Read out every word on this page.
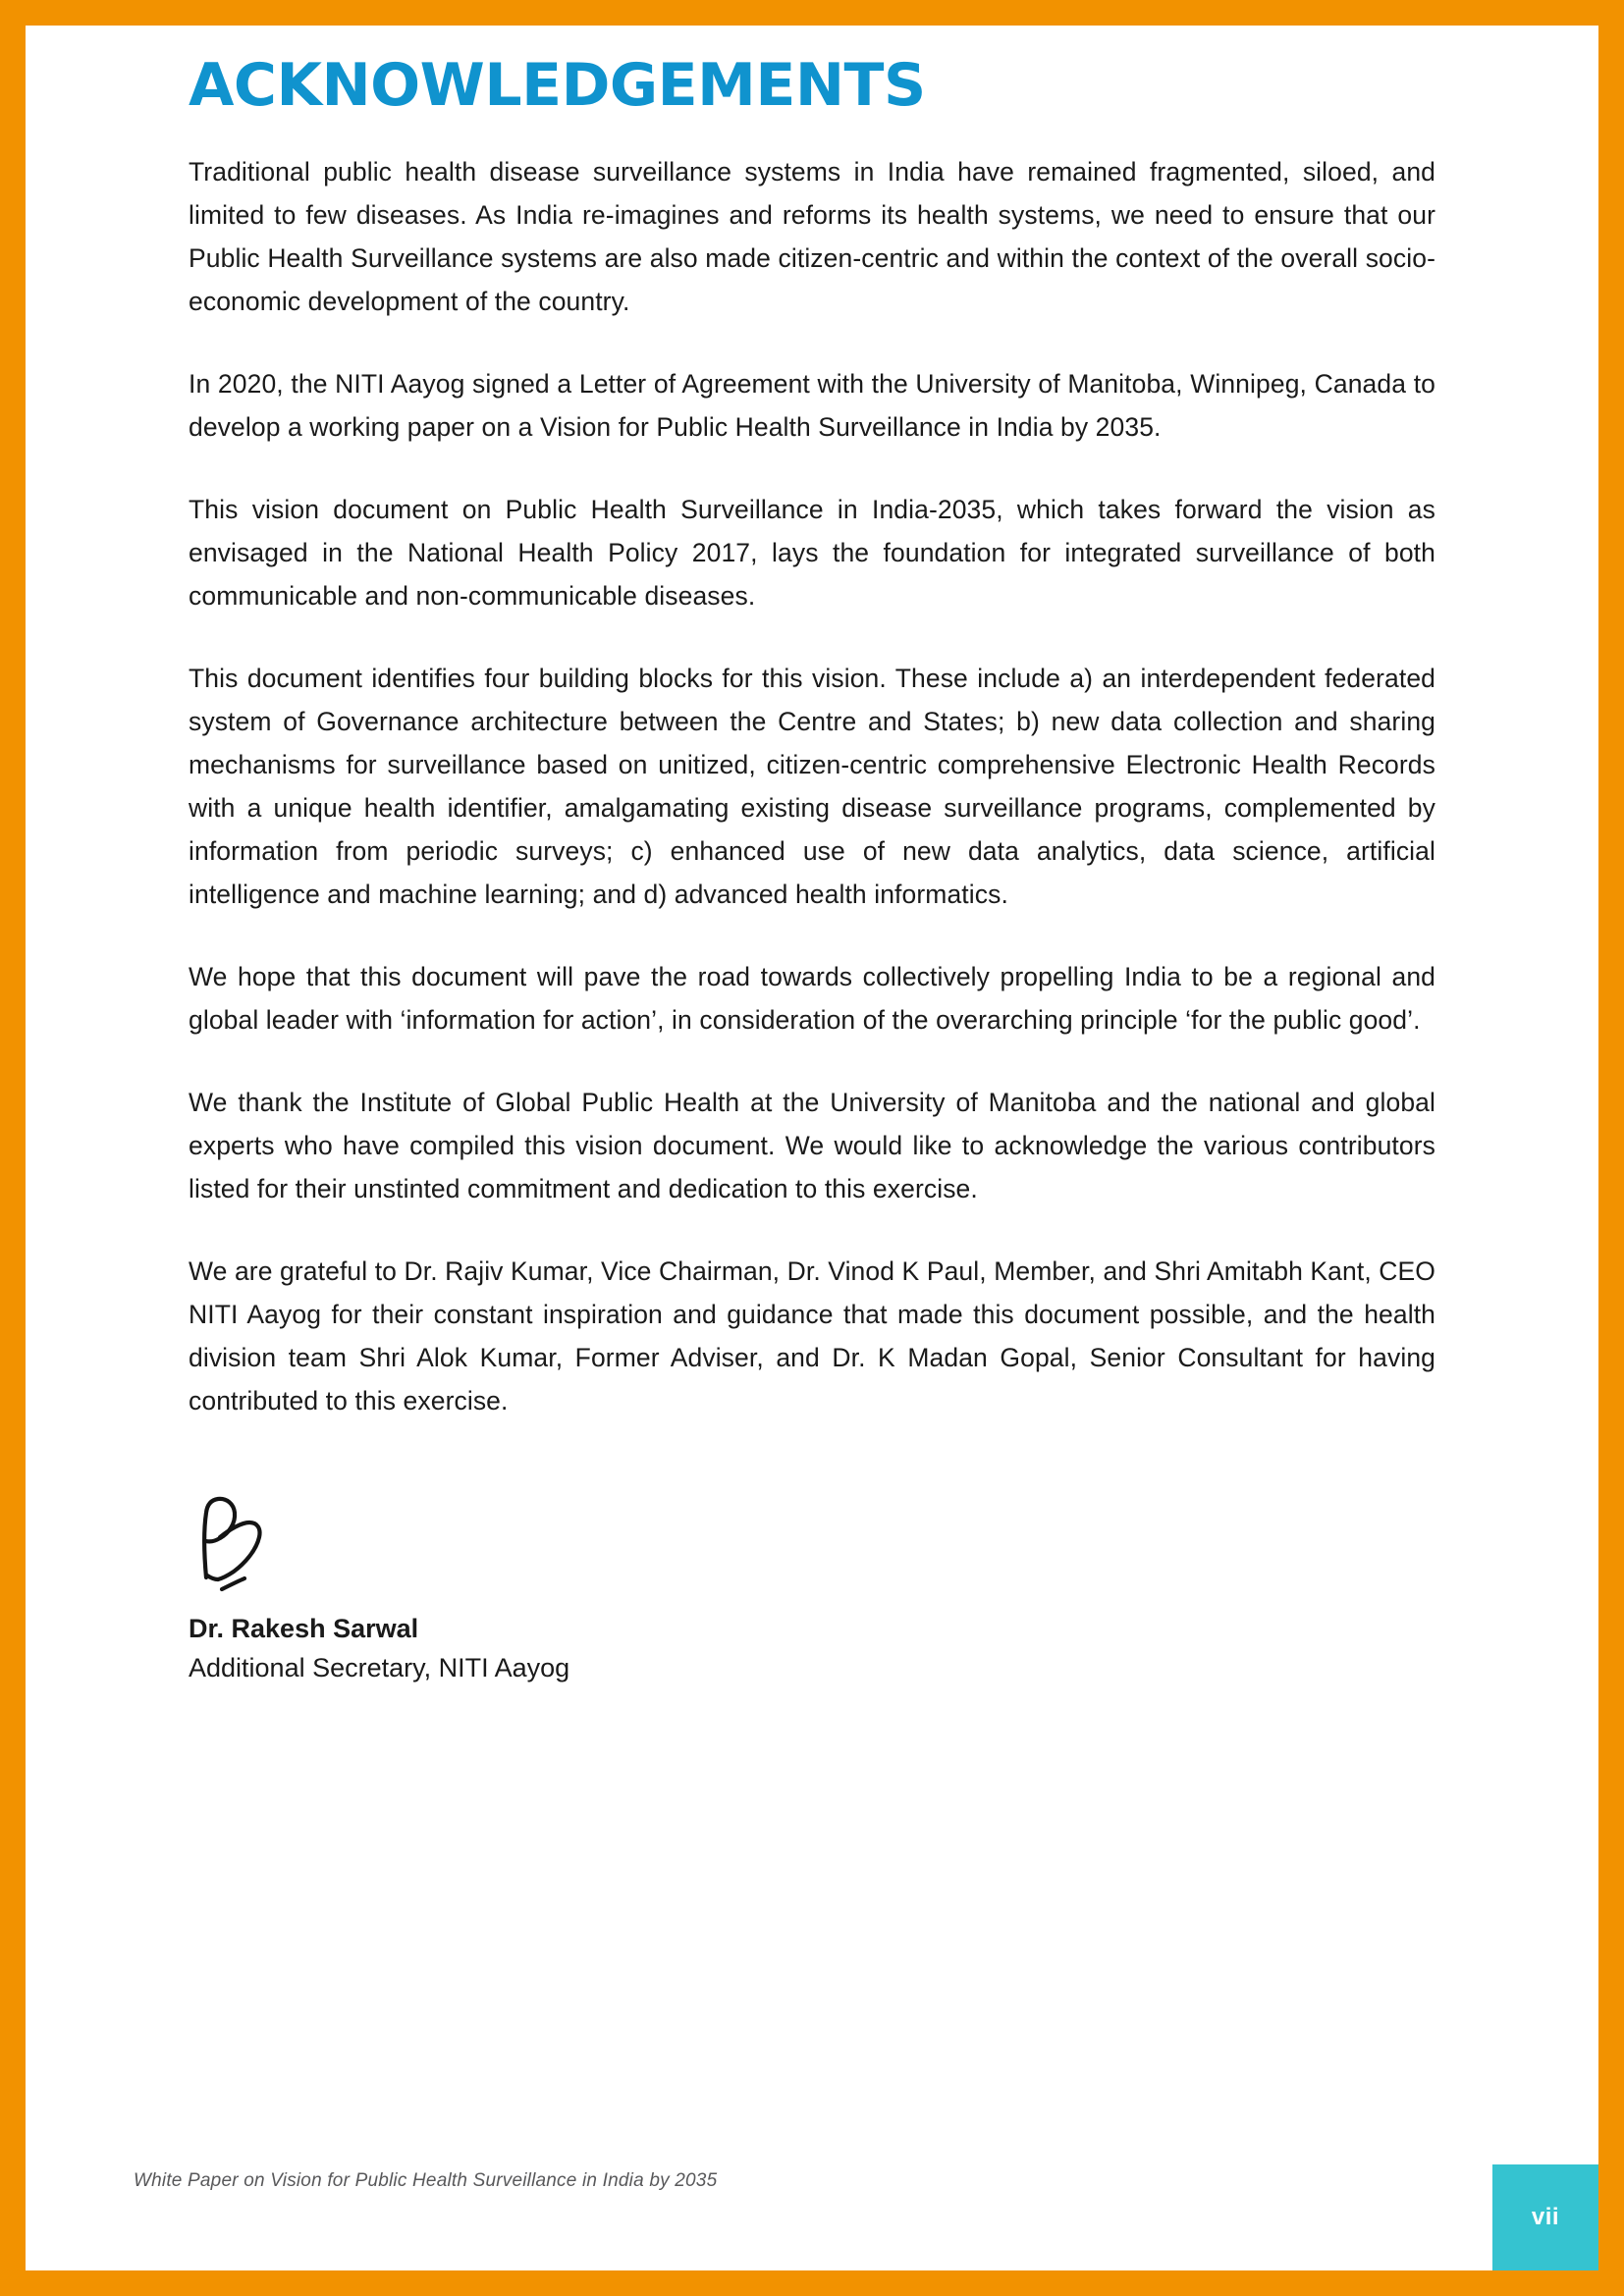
ACKNOWLEDGEMENTS

Traditional public health disease surveillance systems in India have remained fragmented, siloed, and limited to few diseases. As India re-imagines and reforms its health systems, we need to ensure that our Public Health Surveillance systems are also made citizen-centric and within the context of the overall socio-economic development of the country.

In 2020, the NITI Aayog signed a Letter of Agreement with the University of Manitoba, Winnipeg, Canada to develop a working paper on a Vision for Public Health Surveillance in India by 2035.

This vision document on Public Health Surveillance in India-2035, which takes forward the vision as envisaged in the National Health Policy 2017, lays the foundation for integrated surveillance of both communicable and non-communicable diseases.

This document identifies four building blocks for this vision. These include a) an interdependent federated system of Governance architecture between the Centre and States; b) new data collection and sharing mechanisms for surveillance based on unitized, citizen-centric comprehensive Electronic Health Records with a unique health identifier, amalgamating existing disease surveillance programs, complemented by information from periodic surveys; c) enhanced use of new data analytics, data science, artificial intelligence and machine learning; and d) advanced health informatics.

We hope that this document will pave the road towards collectively propelling India to be a regional and global leader with ‘information for action’, in consideration of the overarching principle ‘for the public good’.

We thank the Institute of Global Public Health at the University of Manitoba and the national and global experts who have compiled this vision document. We would like to acknowledge the various contributors listed for their unstinted commitment and dedication to this exercise.

We are grateful to Dr. Rajiv Kumar, Vice Chairman, Dr. Vinod K Paul, Member, and Shri Amitabh Kant, CEO NITI Aayog for their constant inspiration and guidance that made this document possible, and the health division team Shri Alok Kumar, Former Adviser, and Dr. K Madan Gopal, Senior Consultant for having contributed to this exercise.

Dr. Rakesh Sarwal
Additional Secretary, NITI Aayog
White Paper on Vision for Public Health Surveillance in India by 2035
vii
